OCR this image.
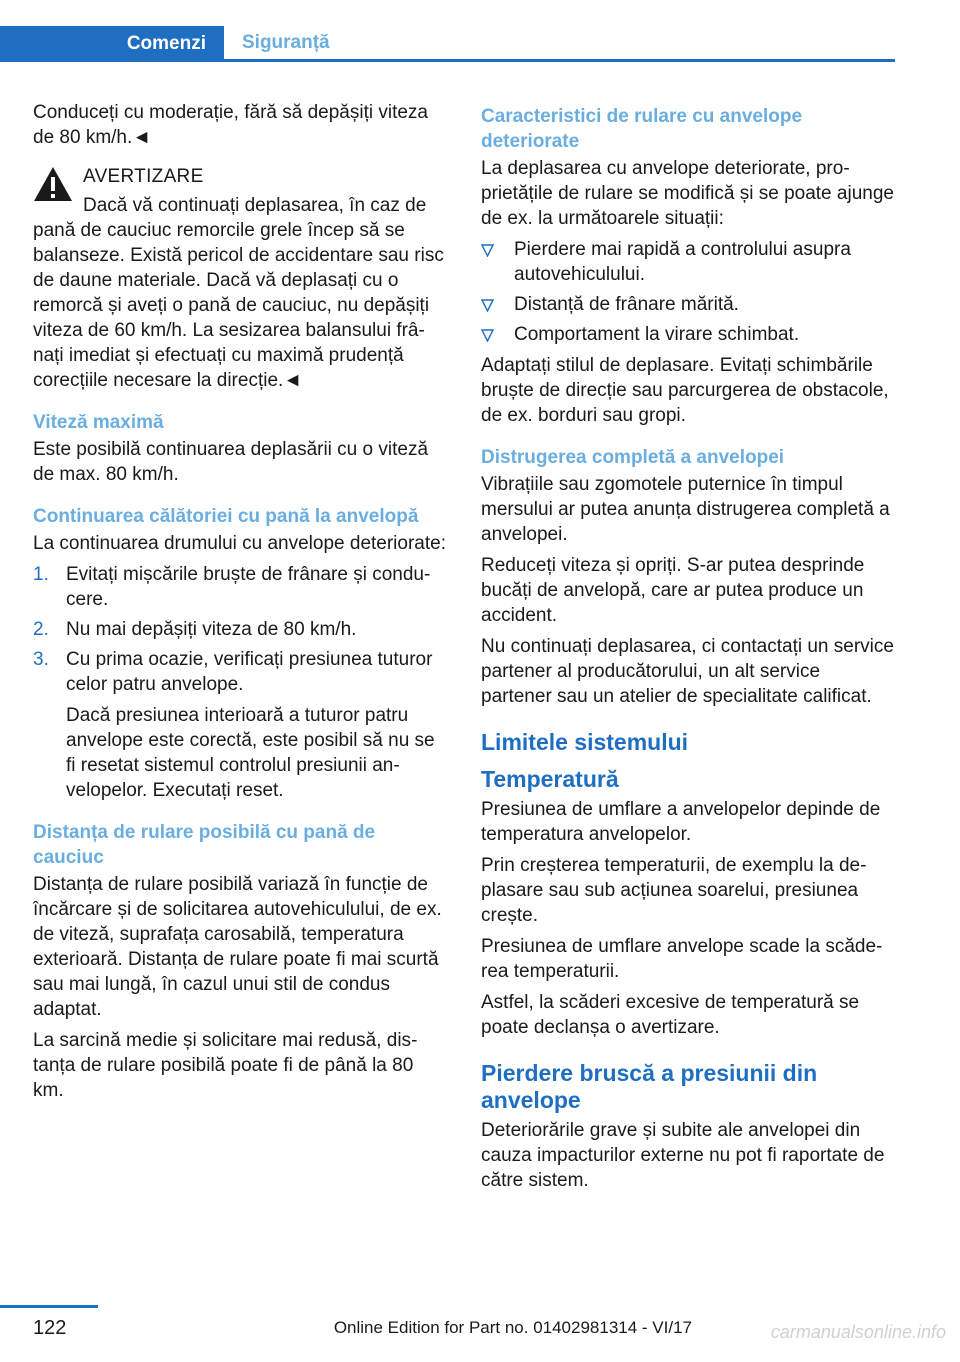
Comenzi	Siguranță

Conduceți cu moderație, fără să depășiți viteza de 80 km/h.◄

AVERTIZARE
Dacă vă continuați deplasarea, în caz de pană de cauciuc remorcile grele încep să se balanseze. Există pericol de accidentare sau risc de daune materiale. Dacă vă deplasați cu o remorcă și aveți o pană de cauciuc, nu depășiți viteza de 60 km/h. La sesizarea balansului frânați imediat și efectuați cu maximă prudență corecțiile necesare la direcție.◄
Viteză maximă

Este posibilă continuarea deplasării cu o viteză de max. 80 km/h.

Continuarea călătoriei cu pană la anvelopă

La continuarea drumului cu anvelope deteriorate:

1. Evitați mișcările bruște de frânare și conducere.
2. Nu mai depășiți viteza de 80 km/h.
3. Cu prima ocazie, verificați presiunea tuturor celor patru anvelope.
Dacă presiunea interioară a tuturor patru anvelope este corectă, este posibil să nu se fi resetat sistemul controlul presiunii anvelopelor. Executați reset.
Distanța de rulare posibilă cu pană de cauciuc

Distanța de rulare posibilă variază în funcție de încărcare și de solicitarea autovehiculului, de ex. de viteză, suprafața carosabilă, temperatura exterioară. Distanța de rulare poate fi mai scurtă sau mai lungă, în cazul unui stil de condus adaptat.

La sarcină medie și solicitare mai redusă, distanța de rulare posibilă poate fi de până la 80 km.

Caracteristici de rulare cu anvelope deteriorate

La deplasarea cu anvelope deteriorate, proprietățile de rulare se modifică și se poate ajunge de ex. la următoarele situații:

Pierdere mai rapidă a controlului asupra autovehiculului.
Distanță de frânare mărită.
Comportament la virare schimbat.

Adaptați stilul de deplasare. Evitați schimbările bruște de direcție sau parcurgerea de obstacole, de ex. borduri sau gropi.

Distrugerea completă a anvelopei

Vibrațiile sau zgomotele puternice în timpul mersului ar putea anunța distrugerea completă a anvelopei.

Reduceți viteza și opriți. S-ar putea desprinde bucăți de anvelopă, care ar putea produce un accident.

Nu continuați deplasarea, ci contactați un service partener al producătorului, un alt service partener sau un atelier de specialitate calificat.

Limitele sistemului
Temperatură

Presiunea de umflare a anvelopelor depinde de temperatura anvelopelor.

Prin creșterea temperaturii, de exemplu la deplasare sau sub acțiunea soarelui, presiunea crește.

Presiunea de umflare anvelope scade la scăderea temperaturii.

Astfel, la scăderi excesive de temperatură se poate declanșa o avertizare.

Pierdere bruscă a presiunii din anvelope

Deteriorările grave și subite ale anvelopei din cauza impacturilor externe nu pot fi raportate de către sistem.

122	Online Edition for Part no. 01402981314 - VI/17	carmanualsonline.info
